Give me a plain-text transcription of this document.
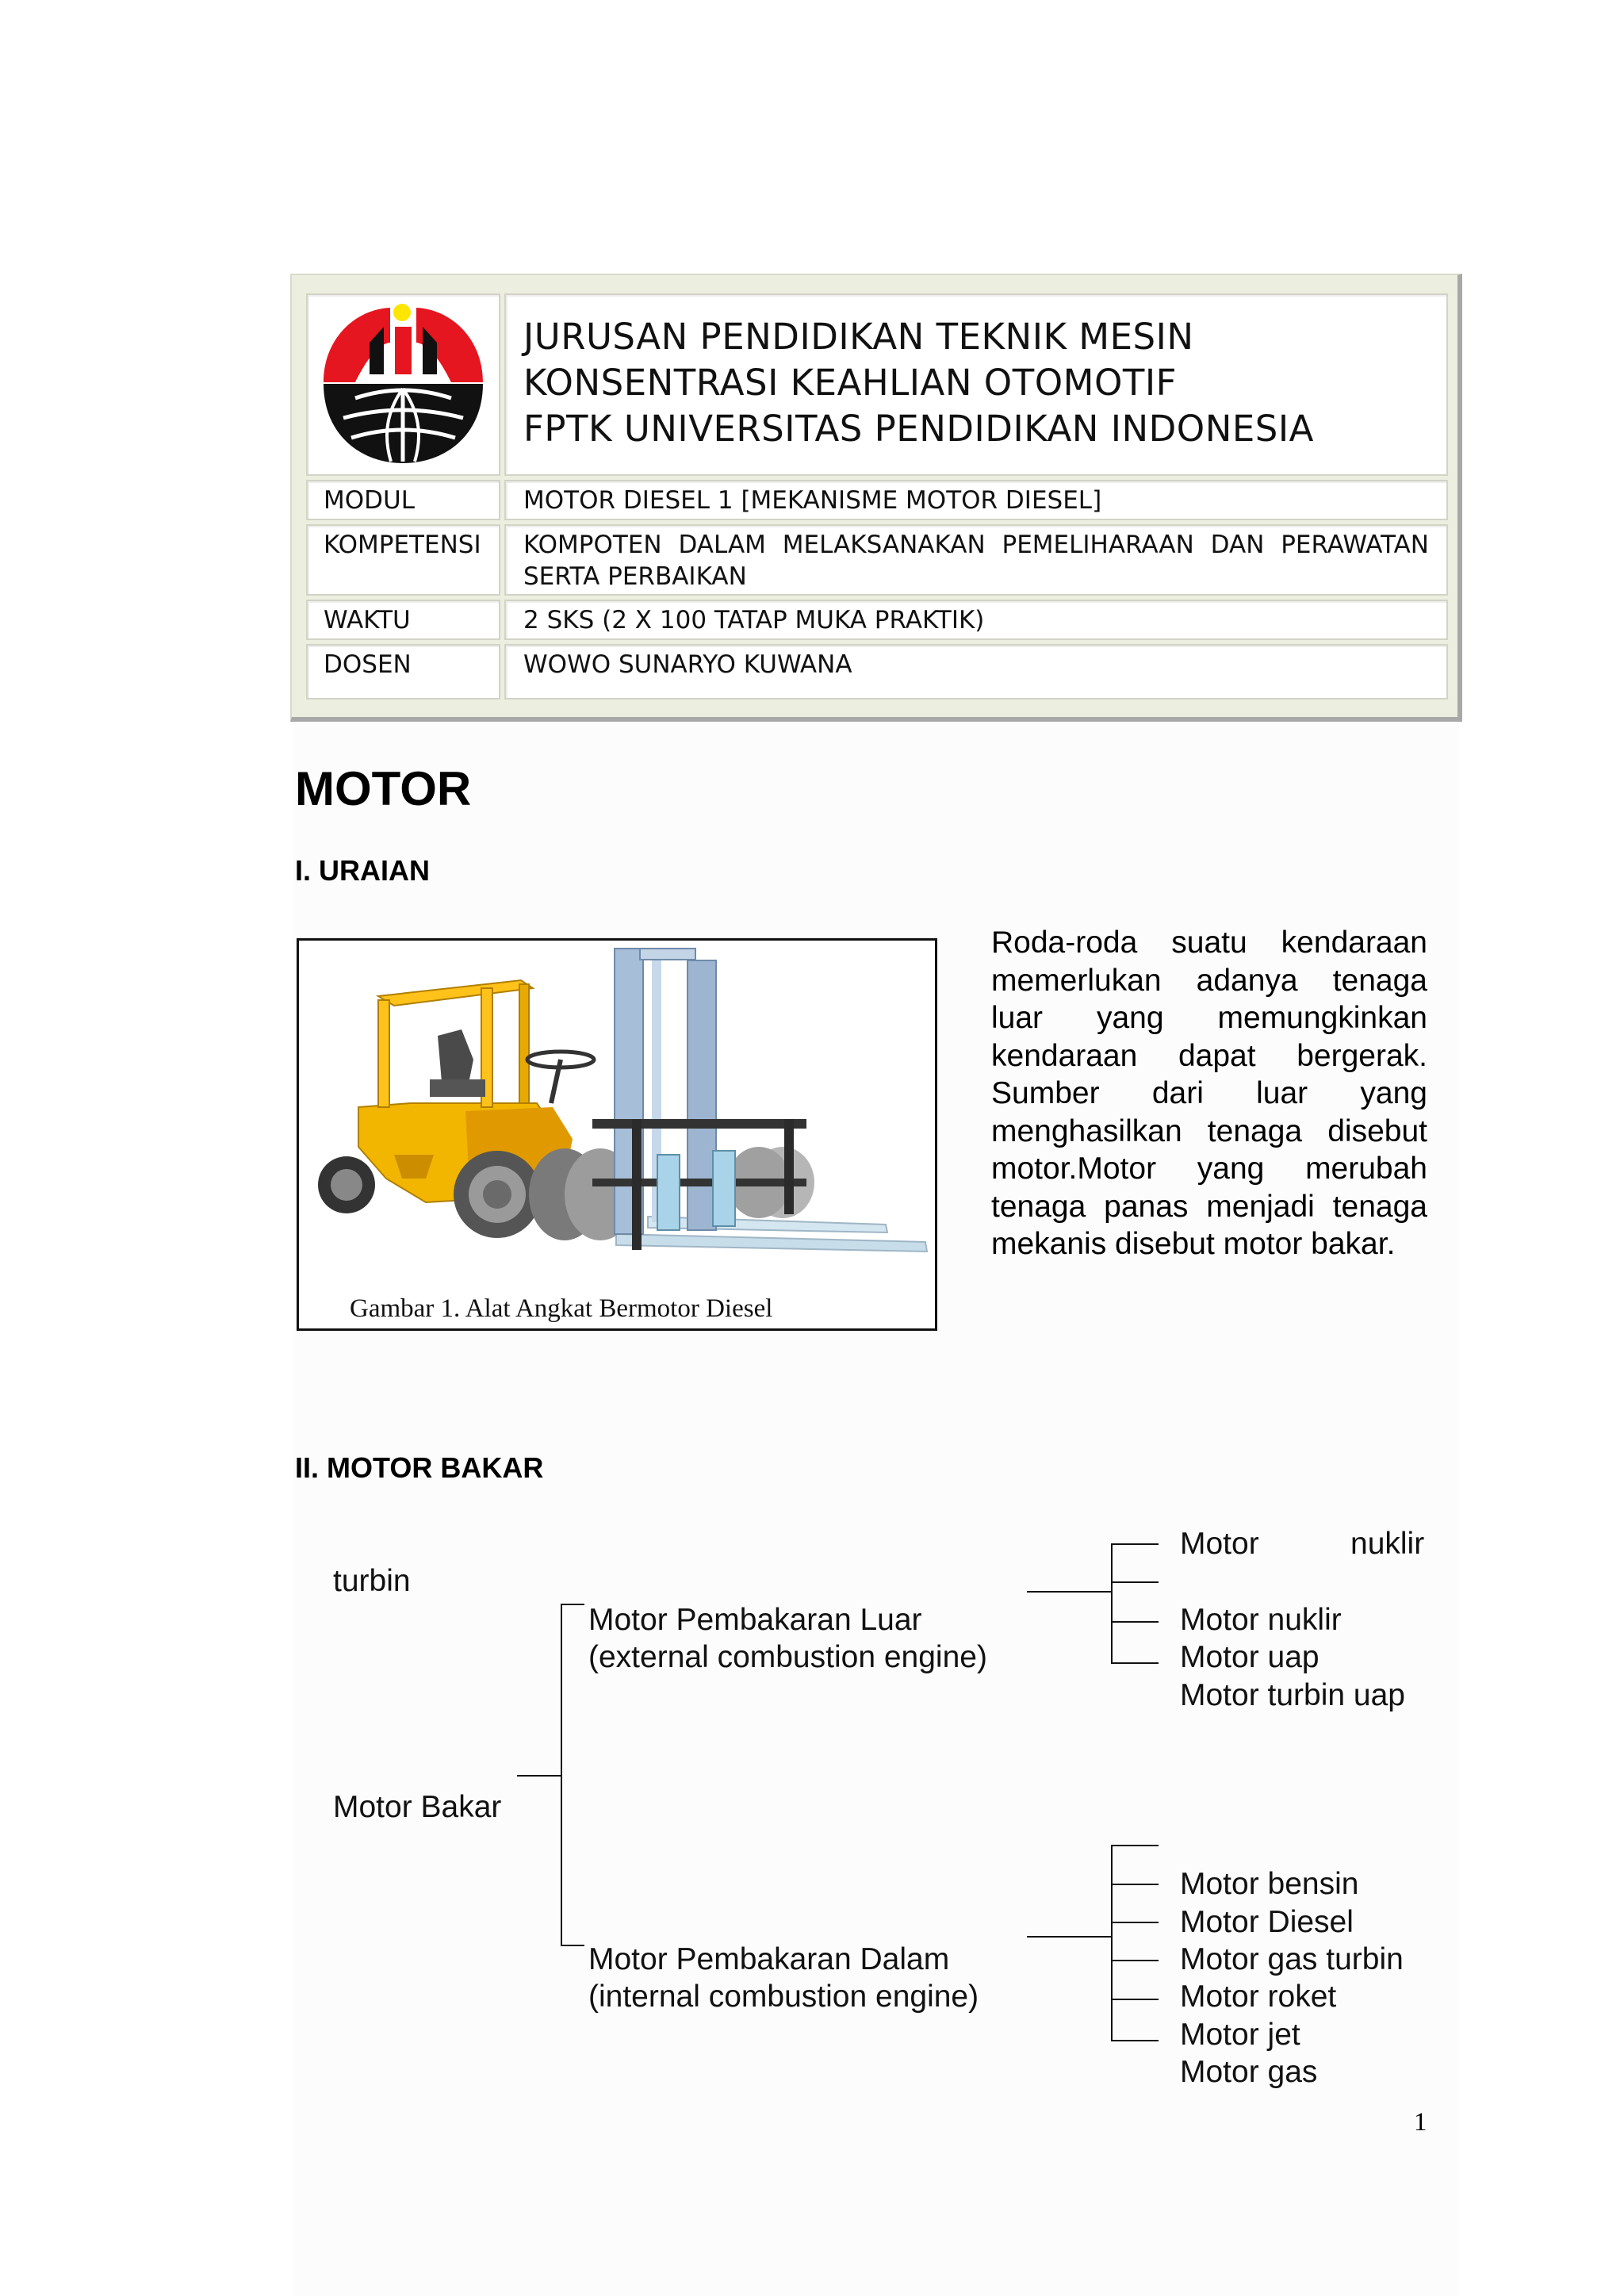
JURUSAN PENDIDIKAN TEKNIK MESIN
KONSENTRASI KEAHLIAN OTOMOTIF
FPTK UNIVERSITAS PENDIDIKAN INDONESIA
MODUL	MOTOR DIESEL 1 [MEKANISME MOTOR DIESEL]
KOMPETENSI	KOMPOTEN DALAM MELAKSANAKAN PEMELIHARAAN DAN PERAWATAN SERTA PERBAIKAN
WAKTU	2 SKS (2 X 100 TATAP MUKA PRAKTIK)
DOSEN	WOWO SUNARYO KUWANA
MOTOR
I. URAIAN
Gambar 1. Alat Angkat Bermotor Diesel
Roda-roda suatu kendaraan memerlukan adanya tenaga luar yang memungkinkan kendaraan dapat bergerak. Sumber dari luar yang menghasilkan tenaga disebut motor.Motor yang merubah tenaga panas menjadi tenaga mekanis disebut motor bakar.
II. MOTOR BAKAR
turbin
Motor Bakar
Motor Pembakaran Luar
(external combustion engine)
Motor	nuklir
Motor nuklir
Motor uap
Motor turbin uap
Motor Pembakaran Dalam
(internal combustion engine)
Motor bensin
Motor Diesel
Motor gas turbin
Motor roket
Motor jet
Motor gas
1
